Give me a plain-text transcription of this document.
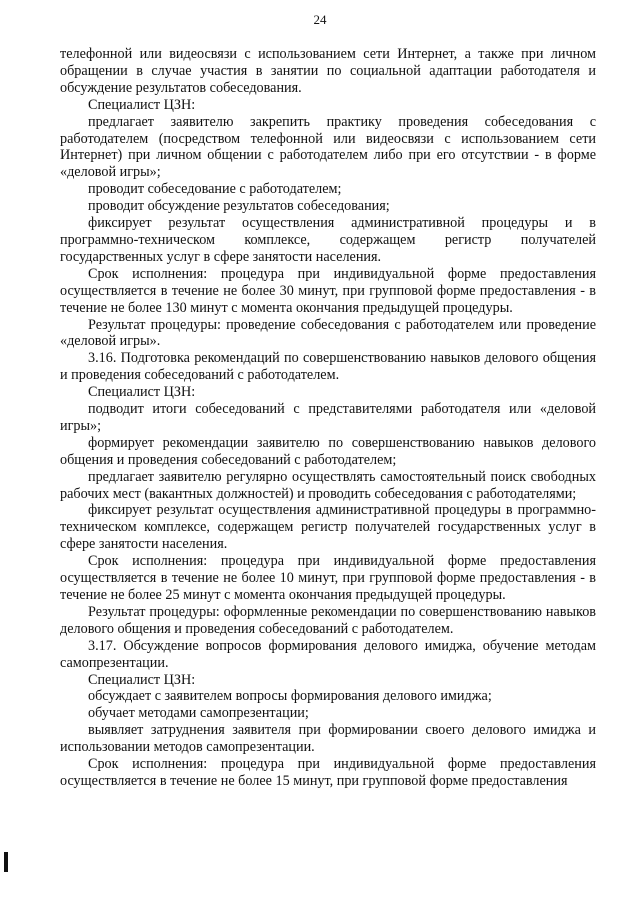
24

телефонной или видеосвязи с использованием сети Интернет, а также при личном обращении в случае участия в занятии по социальной адаптации работодателя и обсуждение результатов собеседования.

Специалист ЦЗН:

предлагает заявителю закрепить практику проведения собеседования с работодателем (посредством телефонной или видеосвязи с использованием сети Интернет) при личном общении с работодателем либо при его отсутствии - в форме «деловой игры»;

проводит собеседование с работодателем;

проводит обсуждение результатов собеседования;

фиксирует результат осуществления административной процедуры и в программно-техническом комплексе, содержащем регистр получателей государственных услуг в сфере занятости населения.

Срок исполнения: процедура при индивидуальной форме предоставления осуществляется в течение не более 30 минут, при групповой форме предоставления - в течение не более 130 минут с момента окончания предыдущей процедуры.

Результат процедуры: проведение собеседования с работодателем или проведение «деловой игры».

3.16. Подготовка рекомендаций по совершенствованию навыков делового общения и проведения собеседований с работодателем.

Специалист ЦЗН:

подводит итоги собеседований с представителями работодателя или «деловой игры»;

формирует рекомендации заявителю по совершенствованию навыков делового общения и проведения собеседований с работодателем;

предлагает заявителю регулярно осуществлять самостоятельный поиск свободных рабочих мест (вакантных должностей) и проводить собеседования с работодателями;

фиксирует результат осуществления административной процедуры в программно-техническом комплексе, содержащем регистр получателей государственных услуг в сфере занятости населения.

Срок исполнения: процедура при индивидуальной форме предоставления осуществляется в течение не более 10 минут, при групповой форме предоставления - в течение не более 25 минут с момента окончания предыдущей процедуры.

Результат процедуры: оформленные рекомендации по совершенствованию навыков делового общения и проведения собеседований с работодателем.

3.17. Обсуждение вопросов формирования делового имиджа, обучение методам самопрезентации.

Специалист ЦЗН:

обсуждает с заявителем вопросы формирования делового имиджа;

обучает методами самопрезентации;

выявляет затруднения заявителя при формировании своего делового имиджа и использовании методов самопрезентации.

Срок исполнения: процедура при индивидуальной форме предоставления осуществляется в течение не более 15 минут, при групповой форме предоставления
